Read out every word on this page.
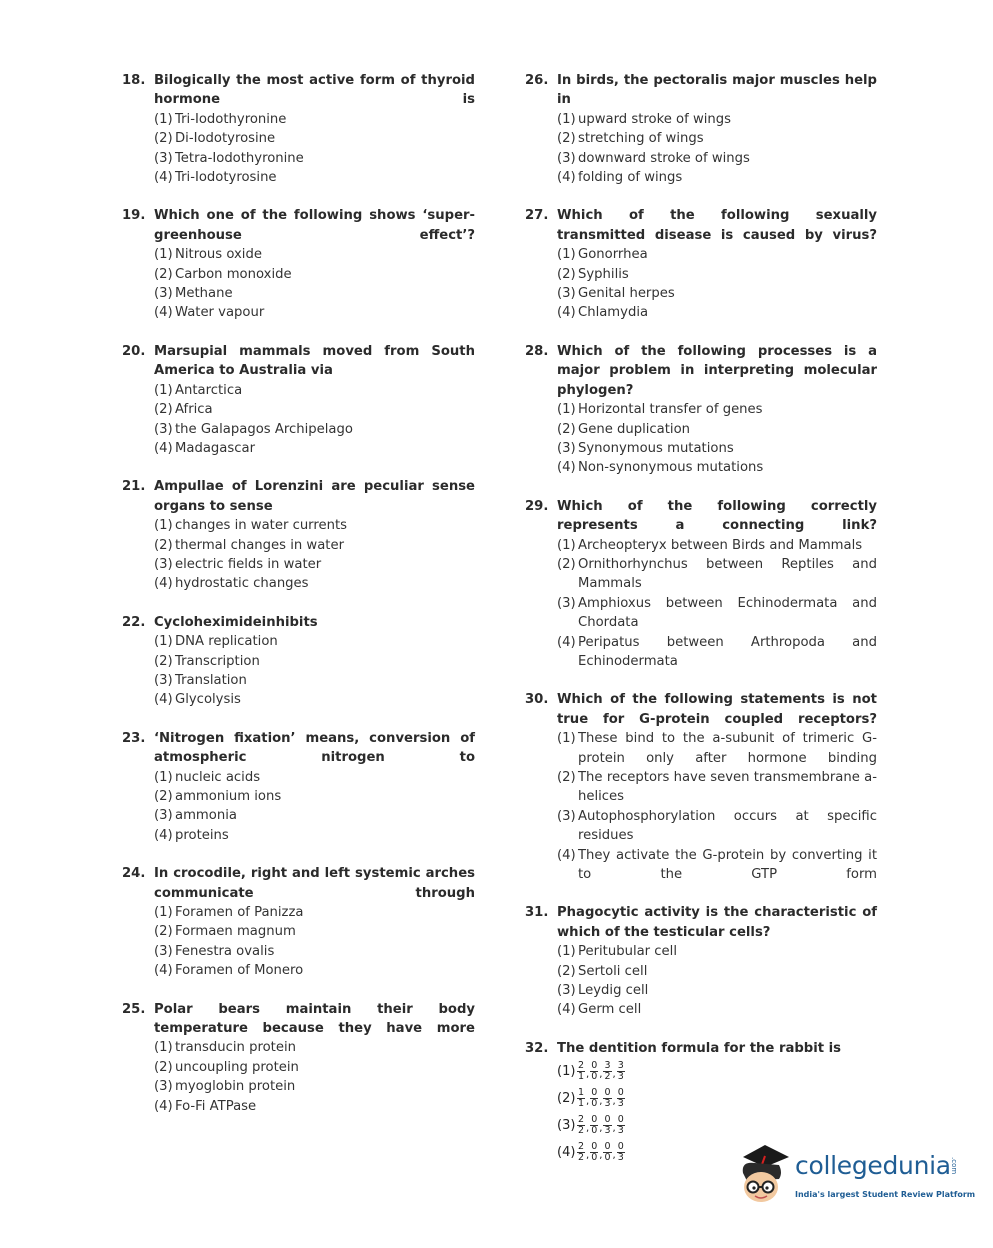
18. Bilogically the most active form of thyroid hormone is
(1) Tri-Iodothyronine
(2) Di-Iodotyrosine
(3) Tetra-Iodothyronine
(4) Tri-Iodotyrosine
19. Which one of the following shows ‘super-greenhouse effect’?
(1) Nitrous oxide
(2) Carbon monoxide
(3) Methane
(4) Water vapour
20. Marsupial mammals moved from South America to Australia via
(1) Antarctica
(2) Africa
(3) the Galapagos Archipelago
(4) Madagascar
21. Ampullae of Lorenzini are peculiar sense organs to sense
(1) changes in water currents
(2) thermal changes in water
(3) electric fields in water
(4) hydrostatic changes
22. Cycloheximideinhibits
(1) DNA replication
(2) Transcription
(3) Translation
(4) Glycolysis
23. ‘Nitrogen fixation’ means, conversion of atmospheric nitrogen to
(1) nucleic acids
(2) ammonium ions
(3) ammonia
(4) proteins
24. In crocodile, right and left systemic arches communicate through
(1) Foramen of Panizza
(2) Formaen magnum
(3) Fenestra ovalis
(4) Foramen of Monero
25. Polar bears maintain their body temperature because they have more
(1) transducin protein
(2) uncoupling protein
(3) myoglobin protein
(4) Fo-Fi ATPase
26. In birds, the pectoralis major muscles help in
(1) upward stroke of wings
(2) stretching of wings
(3) downward stroke of wings
(4) folding of wings
27. Which of the following sexually transmitted disease is caused by virus?
(1) Gonorrhea
(2) Syphilis
(3) Genital herpes
(4) Chlamydia
28. Which of the following processes is a major problem in interpreting molecular phylogen?
(1) Horizontal transfer of genes
(2) Gene duplication
(3) Synonymous mutations
(4) Non-synonymous mutations
29. Which of the following correctly represents a connecting link?
(1) Archeopteryx between Birds and Mammals
(2) Ornithorhynchus between Reptiles and Mammals
(3) Amphioxus between Echinodermata and Chordata
(4) Peripatus between Arthropoda and Echinodermata
30. Which of the following statements is not true for G-protein coupled receptors?
(1) These bind to the a-subunit of trimeric G-protein only after hormone binding
(2) The receptors have seven transmembrane a-helices
(3) Autophosphorylation occurs at specific residues
(4) They activate the G-protein by converting it to the GTP form
31. Phagocytic activity is the characteristic of which of the testicular cells?
(1) Peritubular cell
(2) Sertoli cell
(3) Leydig cell
(4) Germ cell
32. The dentition formula for the rabbit is
$(1) \frac{2}{1}$ , $\frac{0}{0}$ , $\frac{3}{2}$ , $\frac{3}{3}$
$(2) \frac{1}{1}$ , $\frac{0}{0}$ , $\frac{0}{3}$ , $\frac{0}{3}$
$(3) \frac{2}{2}$ , $\frac{0}{0}$ , $\frac{0}{3}$ , $\frac{0}{3}$
$(4) \frac{2}{2}$ , $\frac{0}{0}$ , $\frac{0}{0}$ , $\frac{0}{3}$	collegedunia .com
India's largest Student Review Platform
